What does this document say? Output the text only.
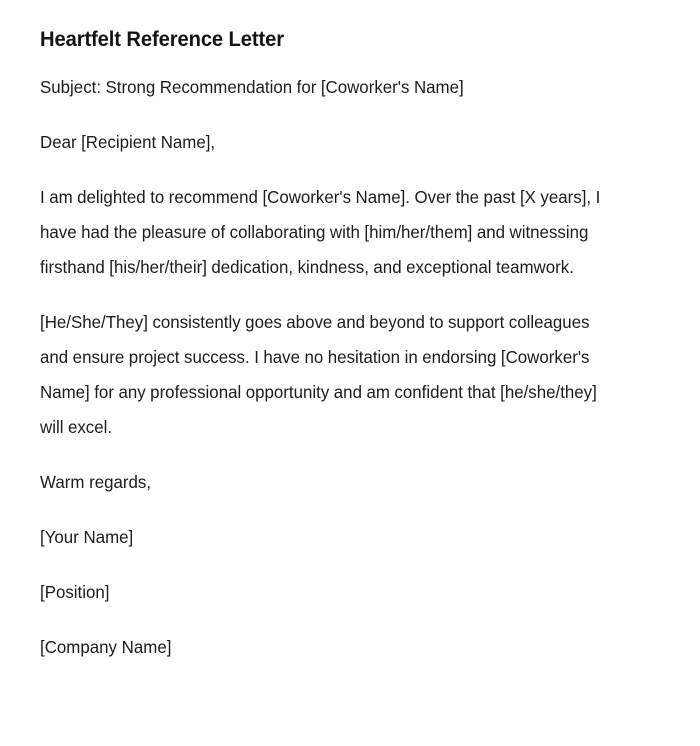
Heartfelt Reference Letter

Subject: Strong Recommendation for [Coworker's Name]

Dear [Recipient Name],

I am delighted to recommend [Coworker's Name]. Over the past [X years], I have had the pleasure of collaborating with [him/her/them] and witnessing firsthand [his/her/their] dedication, kindness, and exceptional teamwork.

[He/She/They] consistently goes above and beyond to support colleagues and ensure project success. I have no hesitation in endorsing [Coworker's Name] for any professional opportunity and am confident that [he/she/they] will excel.

Warm regards,

[Your Name]

[Position]

[Company Name]
